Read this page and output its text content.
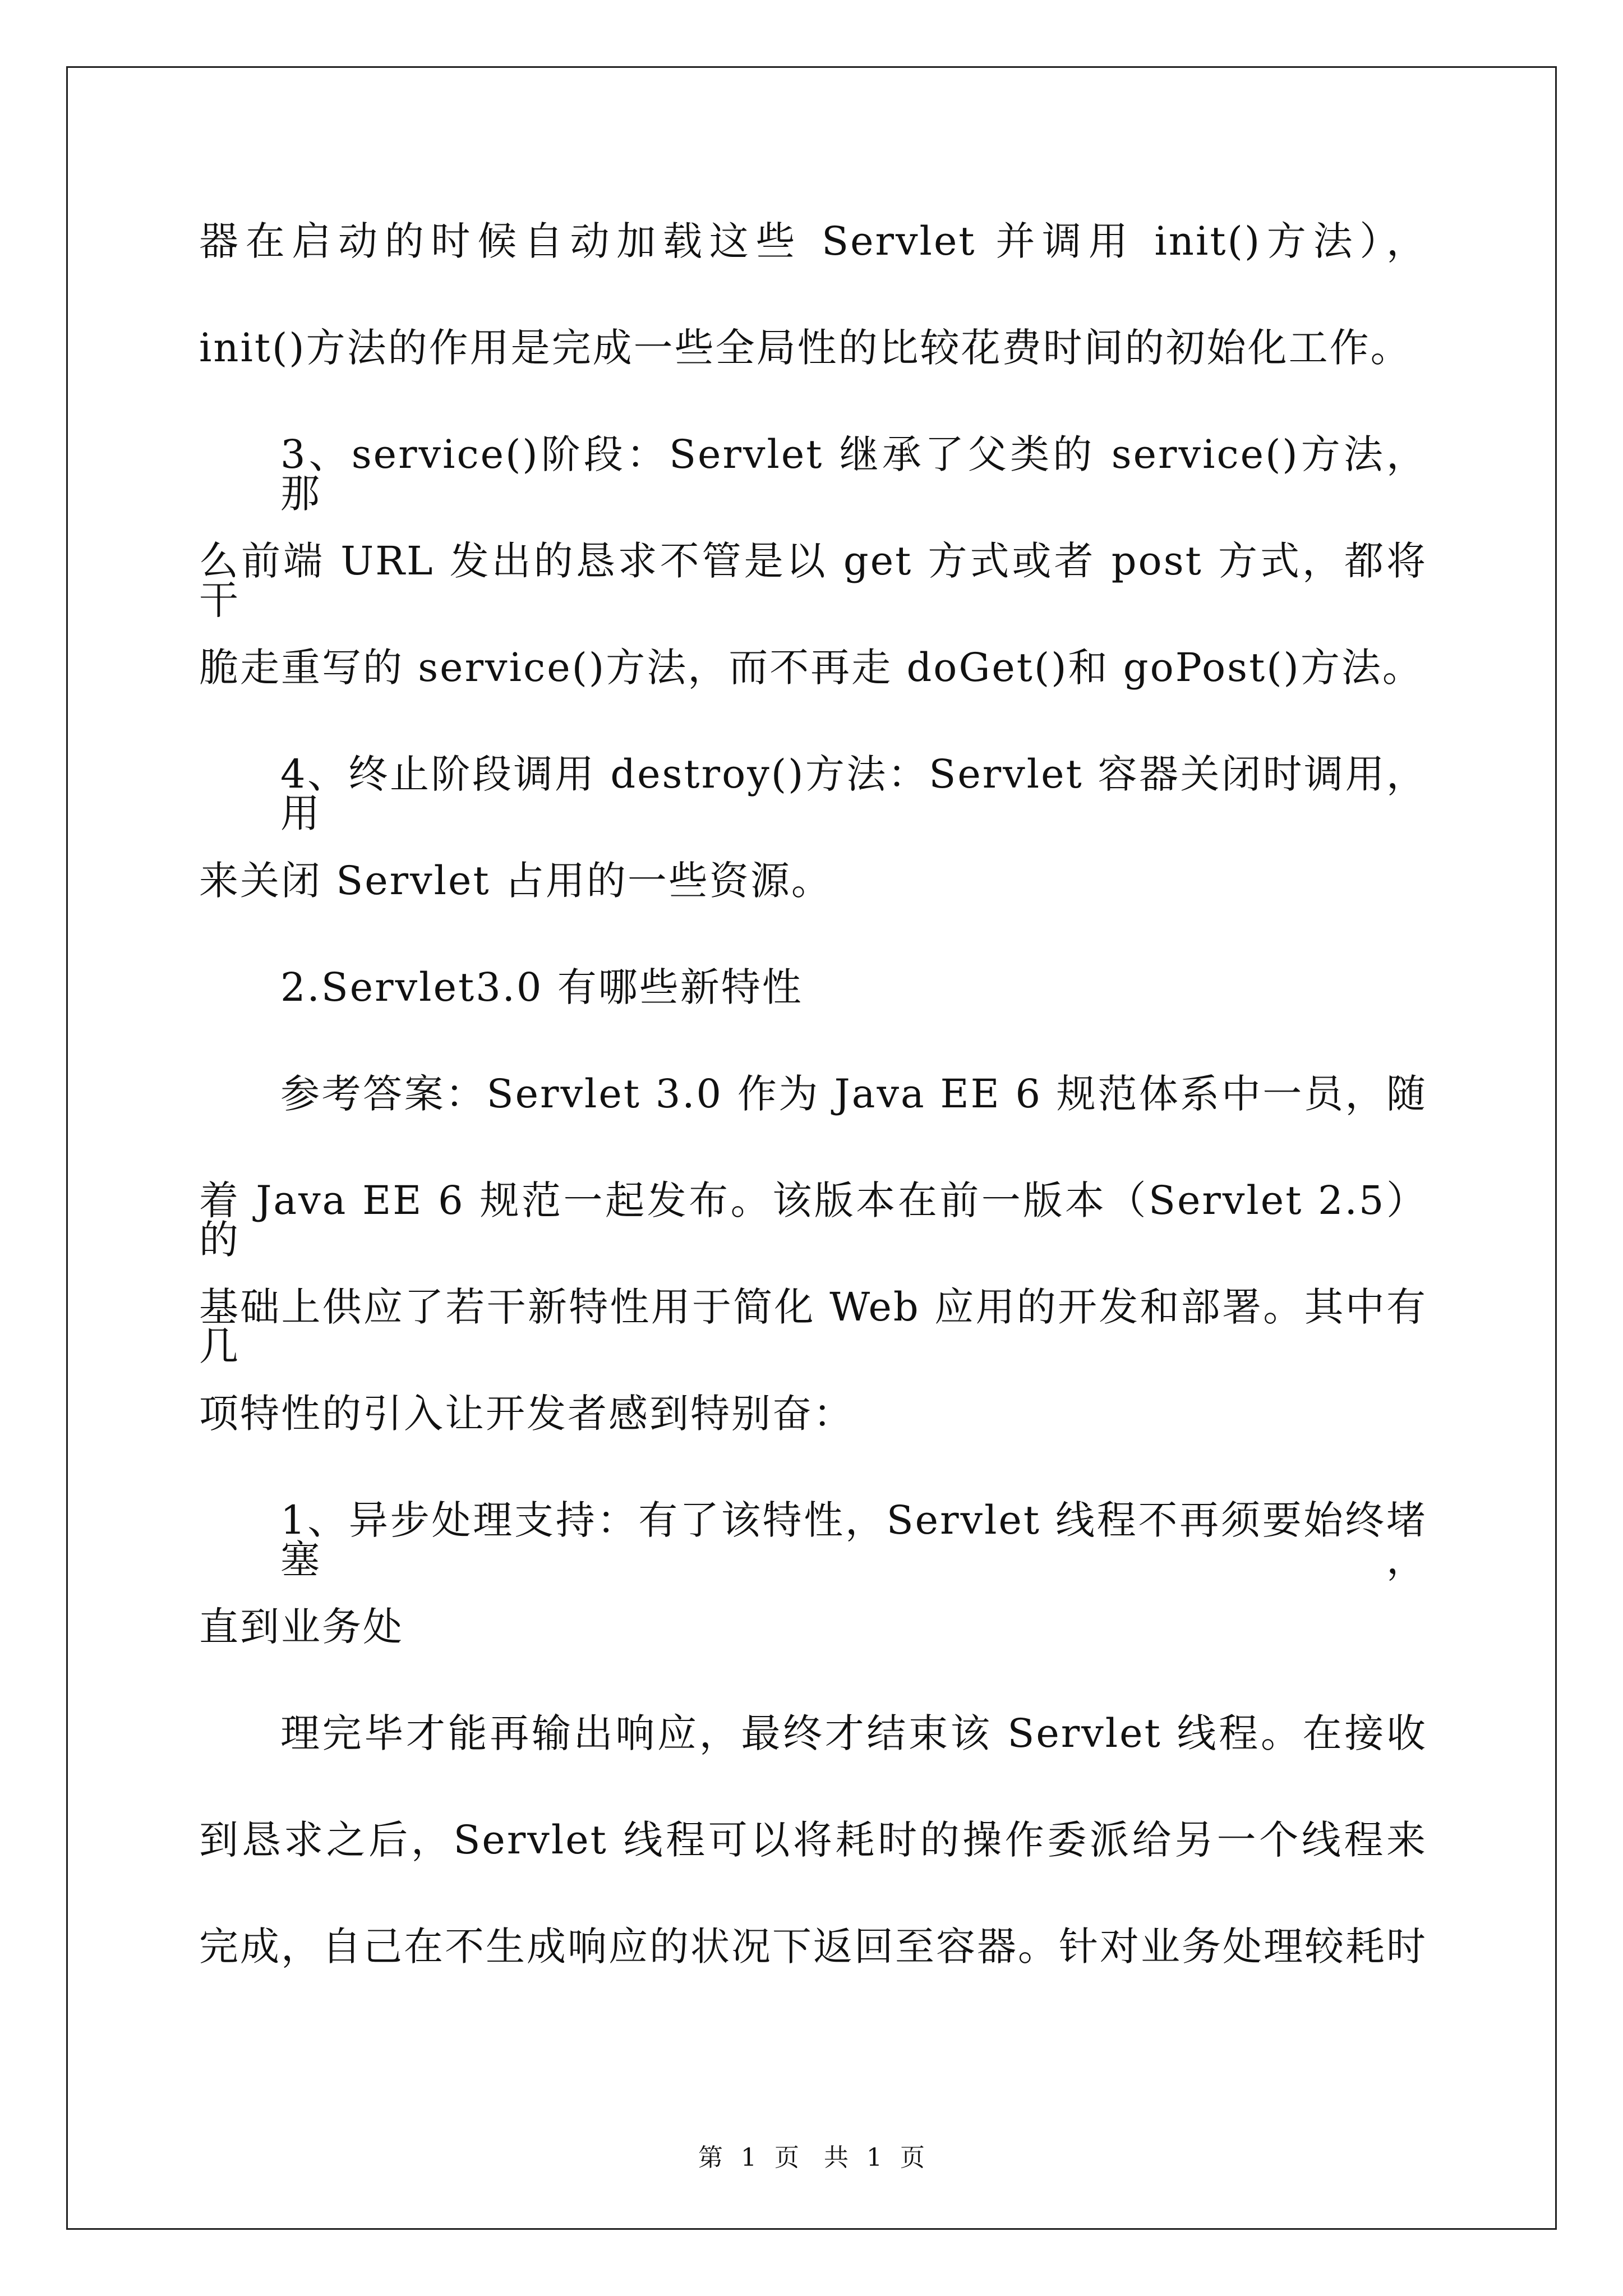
器在启动的时候自动加载这些 Servlet 并调用 init()方法），
init()方法的作用是完成一些全局性的比较花费时间的初始化工作。
3、service()阶段：Servlet 继承了父类的 service()方法，那
么前端 URL 发出的恳求不管是以 get 方式或者 post 方式，都将干
脆走重写的 service()方法，而不再走 doGet()和 goPost()方法。
4、终止阶段调用 destroy()方法：Servlet 容器关闭时调用，用
来关闭 Servlet 占用的一些资源。
2.Servlet3.0 有哪些新特性
参考答案：Servlet 3.0 作为 Java EE 6 规范体系中一员，随
着 Java EE 6 规范一起发布。该版本在前一版本（Servlet 2.5）的
基础上供应了若干新特性用于简化 Web 应用的开发和部署。其中有几
项特性的引入让开发者感到特别奋：
1、异步处理支持：有了该特性，Servlet 线程不再须要始终堵塞，
直到业务处
理完毕才能再输出响应，最终才结束该 Servlet 线程。在接收
到恳求之后，Servlet 线程可以将耗时的操作委派给另一个线程来
完成，自己在不生成响应的状况下返回至容器。针对业务处理较耗时
第 1 页　共 1 页
